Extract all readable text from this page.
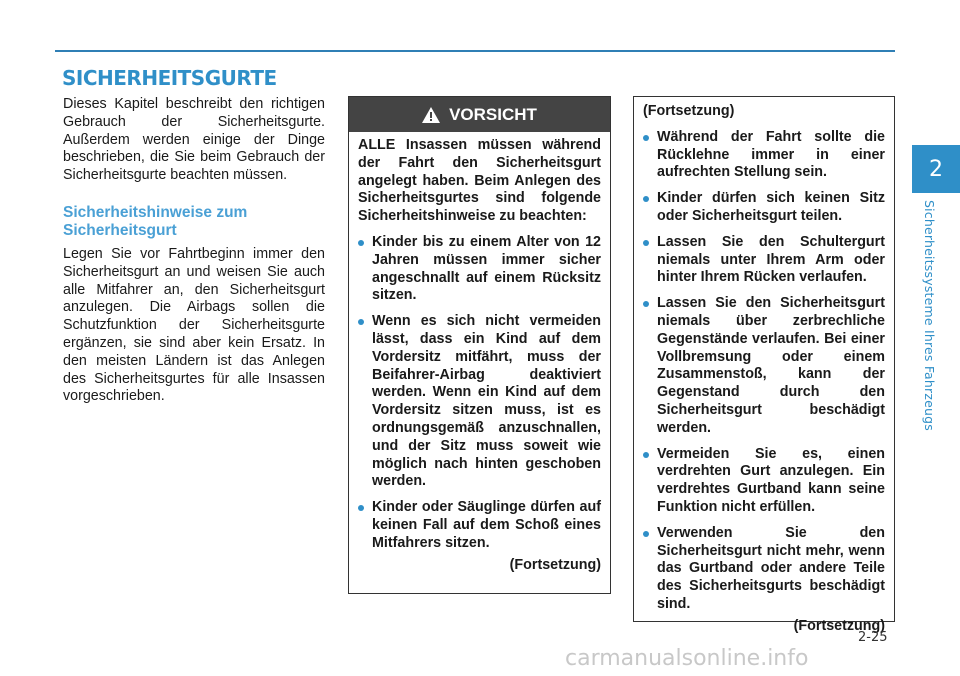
SICHERHEITSGURTE

Dieses Kapitel beschreibt den richtigen Gebrauch der Sicherheitsgurte. Außerdem werden einige der Dinge beschrieben, die Sie beim Gebrauch der Sicherheitsgurte beachten müssen.

Sicherheitshinweise zum Sicherheitsgurt

Legen Sie vor Fahrtbeginn immer den Sicherheitsgurt an und weisen Sie auch alle Mitfahrer an, den Sicherheitsgurt anzulegen. Die Airbags sollen die Schutzfunktion der Sicherheitsgurte ergänzen, sie sind aber kein Ersatz. In den meisten Ländern ist das Anlegen des Sicherheitsgurtes für alle Insassen vorgeschrieben.

VORSICHT

ALLE Insassen müssen während der Fahrt den Sicherheitsgurt angelegt haben. Beim Anlegen des Sicherheitsgurtes sind folgende Sicherheitshinweise zu beachten:

Kinder bis zu einem Alter von 12 Jahren müssen immer sicher angeschnallt auf einem Rücksitz sitzen.
Wenn es sich nicht vermeiden lässt, dass ein Kind auf dem Vordersitz mitfährt, muss der Beifahrer-Airbag deaktiviert werden. Wenn ein Kind auf dem Vordersitz sitzen muss, ist es ordnungsgemäß anzuschnallen, und der Sitz muss soweit wie möglich nach hinten geschoben werden.
Kinder oder Säuglinge dürfen auf keinen Fall auf dem Schoß eines Mitfahrers sitzen.

(Fortsetzung)

(Fortsetzung)

Während der Fahrt sollte die Rücklehne immer in einer aufrechten Stellung sein.
Kinder dürfen sich keinen Sitz oder Sicherheitsgurt teilen.
Lassen Sie den Schultergurt niemals unter Ihrem Arm oder hinter Ihrem Rücken verlaufen.
Lassen Sie den Sicherheitsgurt niemals über zerbrechliche Gegenstände verlaufen. Bei einer Vollbremsung oder einem Zusammenstoß, kann der Gegenstand durch den Sicherheitsgurt beschädigt werden.
Vermeiden Sie es, einen verdrehten Gurt anzulegen. Ein verdrehtes Gurtband kann seine Funktion nicht erfüllen.
Verwenden Sie den Sicherheitsgurt nicht mehr, wenn das Gurtband oder andere Teile des Sicherheitsgurts beschädigt sind.

(Fortsetzung)

2
Sicherheitssysteme Ihres Fahrzeugs
2-25
carmanualsonline.info
